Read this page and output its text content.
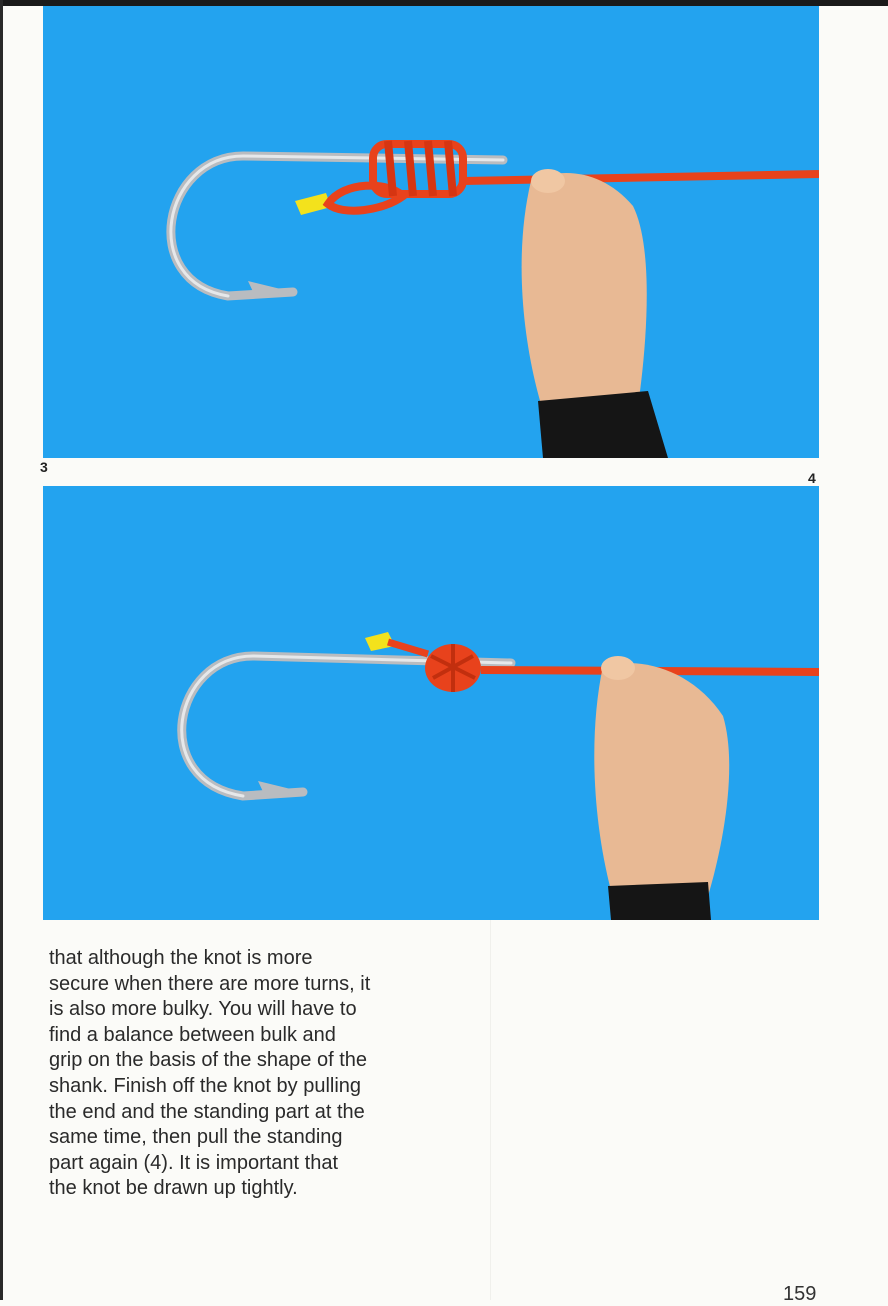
3
4

that although the knot is more
secure when there are more turns, it
is also more bulky. You will have to
find a balance between bulk and
grip on the basis of the shape of the
shank. Finish off the knot by pulling
the end and the standing part at the
same time, then pull the standing
part again (4). It is important that
the knot be drawn up tightly.

159
